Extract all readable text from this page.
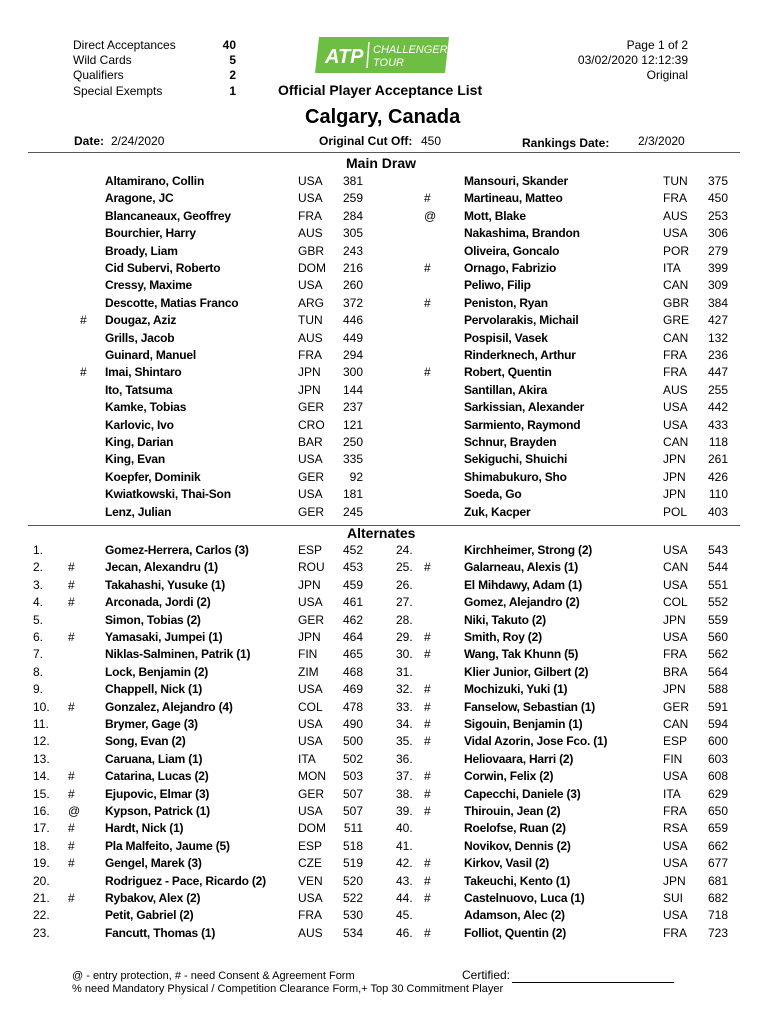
Direct Acceptances	40
Wild Cards	5
Qualifiers	2
Special Exempts	1
ATP CHALLENGER
TOUR
Page 1 of 2
03/02/2020 12:12:39
Original
Official Player Acceptance List
Calgary, Canada
Date: 2/24/2020	Original Cut Off: 450	Rankings Date: 2/3/2020
Main Draw
Altamirano, Collin	USA	381
Aragone, JC	USA	259
Blancaneaux, Geoffrey	FRA	284
Bourchier, Harry	AUS	305
Broady, Liam	GBR	243
Cid Subervi, Roberto	DOM	216
Cressy, Maxime	USA	260
Descotte, Matias Franco	ARG	372
# Dougaz, Aziz	TUN	446
Grills, Jacob	AUS	449
Guinard, Manuel	FRA	294
# Imai, Shintaro	JPN	300
Ito, Tatsuma	JPN	144
Kamke, Tobias	GER	237
Karlovic, Ivo	CRO	121
King, Darian	BAR	250
King, Evan	USA	335
Koepfer, Dominik	GER	92
Kwiatkowski, Thai-Son	USA	181
Lenz, Julian	GER	245
Mansouri, Skander	TUN	375
#	Martineau, Matteo	FRA	450
@ Mott, Blake	AUS	253
Nakashima, Brandon	USA	306
Oliveira, Goncalo	POR	279
#	Ornago, Fabrizio	ITA	399
Peliwo, Filip	CAN	309
#	Peniston, Ryan	GBR	384
Pervolarakis, Michail	GRE	427
Pospisil, Vasek	CAN	132
Rinderknech, Arthur	FRA	236
#	Robert, Quentin	FRA	447
Santillan, Akira	AUS	255
Sarkissian, Alexander	USA	442
Sarmiento, Raymond	USA	433
Schnur, Brayden	CAN	118
Sekiguchi, Shuichi	JPN	261
Shimabukuro, Sho	JPN	426
Soeda, Go	JPN	110
Zuk, Kacper	POL	403
Alternates
1.	Gomez-Herrera, Carlos (3)	ESP	452
2. #	Jecan, Alexandru (1)	ROU	453
3. #	Takahashi, Yusuke (1)	JPN	459
4. #	Arconada, Jordi (2)	USA	461
5.	Simon, Tobias (2)	GER	462
6. #	Yamasaki, Jumpei (1)	JPN	464
7.	Niklas-Salminen, Patrik (1)	FIN	465
8.	Lock, Benjamin (2)	ZIM	468
9.	Chappell, Nick (1)	USA	469
10. #	Gonzalez, Alejandro (4)	COL	478
11.	Brymer, Gage (3)	USA	490
12.	Song, Evan (2)	USA	500
13.	Caruana, Liam (1)	ITA	502
14. #	Catarina, Lucas (2)	MON	503
15. #	Ejupovic, Elmar (3)	GER	507
16. @ Kypson, Patrick (1)	USA	507
17. #	Hardt, Nick (1)	DOM	511
18. #	Pla Malfeito, Jaume (5)	ESP	518
19. #	Gengel, Marek (3)	CZE	519
20.	Rodriguez - Pace, Ricardo (2)	VEN	520
21. #	Rybakov, Alex (2)	USA	522
22.	Petit, Gabriel (2)	FRA	530
23.	Fancutt, Thomas (1)	AUS	534
24.	Kirchheimer, Strong (2)	USA	543
25. #	Galarneau, Alexis (1)	CAN	544
26.	El Mihdawy, Adam (1)	USA	551
27.	Gomez, Alejandro (2)	COL	552
28.	Niki, Takuto (2)	JPN	559
29. #	Smith, Roy (2)	USA	560
30. #	Wang, Tak Khunn (5)	FRA	562
31.	Klier Junior, Gilbert (2)	BRA	564
32. #	Mochizuki, Yuki (1)	JPN	588
33. #	Fanselow, Sebastian (1)	GER	591
34. #	Sigouin, Benjamin (1)	CAN	594
35. #	Vidal Azorin, Jose Fco. (1)	ESP	600
36.	Heliovaara, Harri (2)	FIN	603
37. #	Corwin, Felix (2)	USA	608
38. #	Capecchi, Daniele (3)	ITA	629
39. #	Thirouin, Jean (2)	FRA	650
40.	Roelofse, Ruan (2)	RSA	659
41.	Novikov, Dennis (2)	USA	662
42. #	Kirkov, Vasil (2)	USA	677
43. #	Takeuchi, Kento (1)	JPN	681
44. #	Castelnuovo, Luca (1)	SUI	682
45.	Adamson, Alec (2)	USA	718
46. #	Folliot, Quentin (2)	FRA	723
@ - entry protection, # - need Consent & Agreement Form
% need Mandatory Physical / Competition Clearance Form,+ Top 30 Commitment Player
Certified:
